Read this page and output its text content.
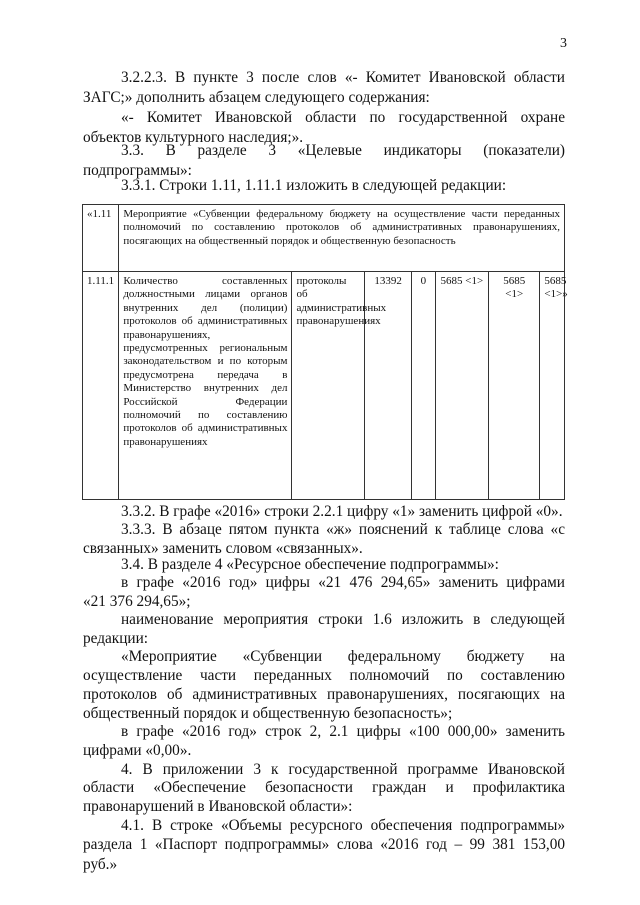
3

3.2.2.3. В пункте 3 после слов «- Комитет Ивановской области

ЗАГС;» дополнить абзацем следующего содержания:

«- Комитет Ивановской области по государственной охране

объектов культурного наследия;».

3.3. В разделе 3 «Целевые индикаторы (показатели)

подпрограммы»:

3.3.1. Строки 1.11, 1.11.1 изложить в следующей редакции:

«1.11	Мероприятие «Субвенции федеральному бюджету на осуществление части переданных полномочий по составлению протоколов об административных правонарушениях, посягающих на общественный порядок и общественную безопасность						
1.11.1	Количество составленных должностными лицами органов внутренних дел (полиции) протоколов об административных правонарушениях, предусмотренных региональным законодательством и по которым предусмотрена передача в Министерство внутренних дел Российской Федерации полномочий по составлению протоколов об административных правонарушениях	протоколы об административных правонарушениях	13392	0	5685 <1>	5685 <1>	5685 <1>»

3.3.2. В графе «2016» строки 2.2.1 цифру «1» заменить цифрой «0».

3.3.3. В абзаце пятом пункта «ж» пояснений к таблице слова «с

связанных» заменить словом «связанных».

3.4. В разделе 4 «Ресурсное обеспечение подпрограммы»:

в графе «2016 год» цифры «21 476 294,65» заменить цифрами

«21 376 294,65»;

наименование мероприятия строки 1.6 изложить в следующей

редакции:

«Мероприятие «Субвенции федеральному бюджету на

осуществление части переданных полномочий по составлению

протоколов об административных правонарушениях, посягающих на

общественный порядок и общественную безопасность»;

в графе «2016 год» строк 2, 2.1 цифры «100 000,00» заменить

цифрами «0,00».

4. В приложении 3 к государственной программе Ивановской

области «Обеспечение безопасности граждан и профилактика

правонарушений в Ивановской области»:

4.1. В строке «Объемы ресурсного обеспечения подпрограммы»

раздела 1 «Паспорт подпрограммы» слова «2016 год – 99 381 153,00 руб.»
